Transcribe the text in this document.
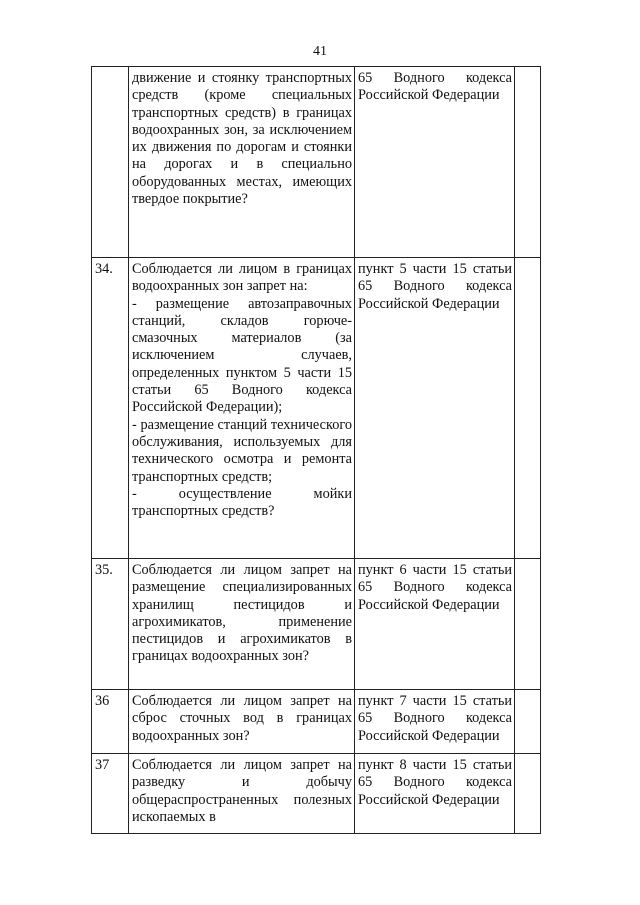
41
	движение и стоянку транспортных средств (кроме специальных транспортных средств) в границах водоохранных зон, за исключением их движения по дорогам и стоянки на дорогах и в специально оборудованных местах, имеющих твердое покрытие?	65 Водного кодекса Российской Федерации	
34.	Соблюдается ли лицом в границах водоохранных зон запрет на:
- размещение автозаправочных станций, складов горюче-смазочных материалов (за исключением случаев, определенных пунктом 5 части 15 статьи 65 Водного кодекса Российской Федерации);
- размещение станций технического обслуживания, используемых для технического осмотра и ремонта транспортных средств;
- осуществление мойки транспортных средств?	пункт 5 части 15 статьи 65 Водного кодекса Российской Федерации	
35.	Соблюдается ли лицом запрет на размещение специализированных хранилищ пестицидов и агрохимикатов, применение пестицидов и агрохимикатов в границах водоохранных зон?	пункт 6 части 15 статьи 65 Водного кодекса Российской Федерации	
36	Соблюдается ли лицом запрет на сброс сточных вод в границах водоохранных зон?	пункт 7 части 15 статьи 65 Водного кодекса Российской Федерации	
37	Соблюдается ли лицом запрет на разведку и добычу общераспространенных полезных ископаемых в	пункт 8 части 15 статьи 65 Водного кодекса Российской Федерации	
